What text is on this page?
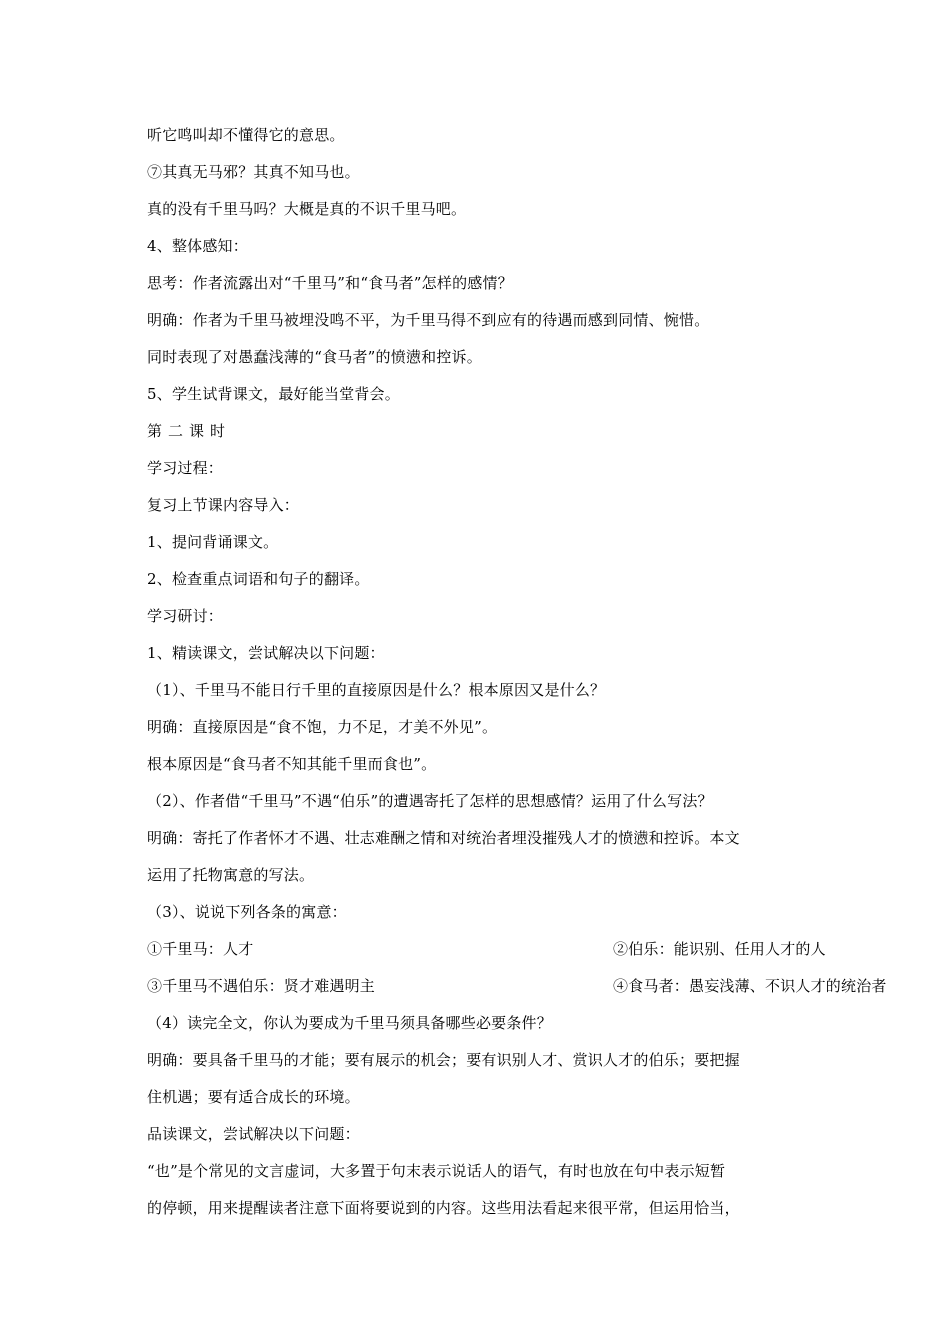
听它鸣叫却不懂得它的意思。
⑦其真无马邪？其真不知马也。
真的没有千里马吗？大概是真的不识千里马吧。
4、整体感知：
思考：作者流露出对“千里马”和“食马者”怎样的感情？
明确：作者为千里马被埋没鸣不平，为千里马得不到应有的待遇而感到同情、惋惜。
同时表现了对愚蠢浅薄的“食马者”的愤懑和控诉。
5、学生试背课文，最好能当堂背会。
第二课时
学习过程：
复习上节课内容导入：
1、提问背诵课文。
2、检查重点词语和句子的翻译。
学习研讨：
1、精读课文，尝试解决以下问题：
（1）、千里马不能日行千里的直接原因是什么？根本原因又是什么？
明确：直接原因是“食不饱，力不足，才美不外见”。
根本原因是“食马者不知其能千里而食也”。
（2）、作者借“千里马”不遇“伯乐”的遭遇寄托了怎样的思想感情？运用了什么写法？
明确：寄托了作者怀才不遇、壮志难酬之情和对统治者埋没摧残人才的愤懑和控诉。本文
运用了托物寓意的写法。
（3）、说说下列各条的寓意：
①千里马：人才	②伯乐：能识别、任用人才的人
③千里马不遇伯乐：贤才难遇明主	④食马者：愚妄浅薄、不识人才的统治者
（4）读完全文，你认为要成为千里马须具备哪些必要条件？
明确：要具备千里马的才能；要有展示的机会；要有识别人才、赏识人才的伯乐；要把握
住机遇；要有适合成长的环境。
品读课文，尝试解决以下问题：
“也”是个常见的文言虚词，大多置于句末表示说话人的语气，有时也放在句中表示短暂
的停顿，用来提醒读者注意下面将要说到的内容。这些用法看起来很平常，但运用恰当，
